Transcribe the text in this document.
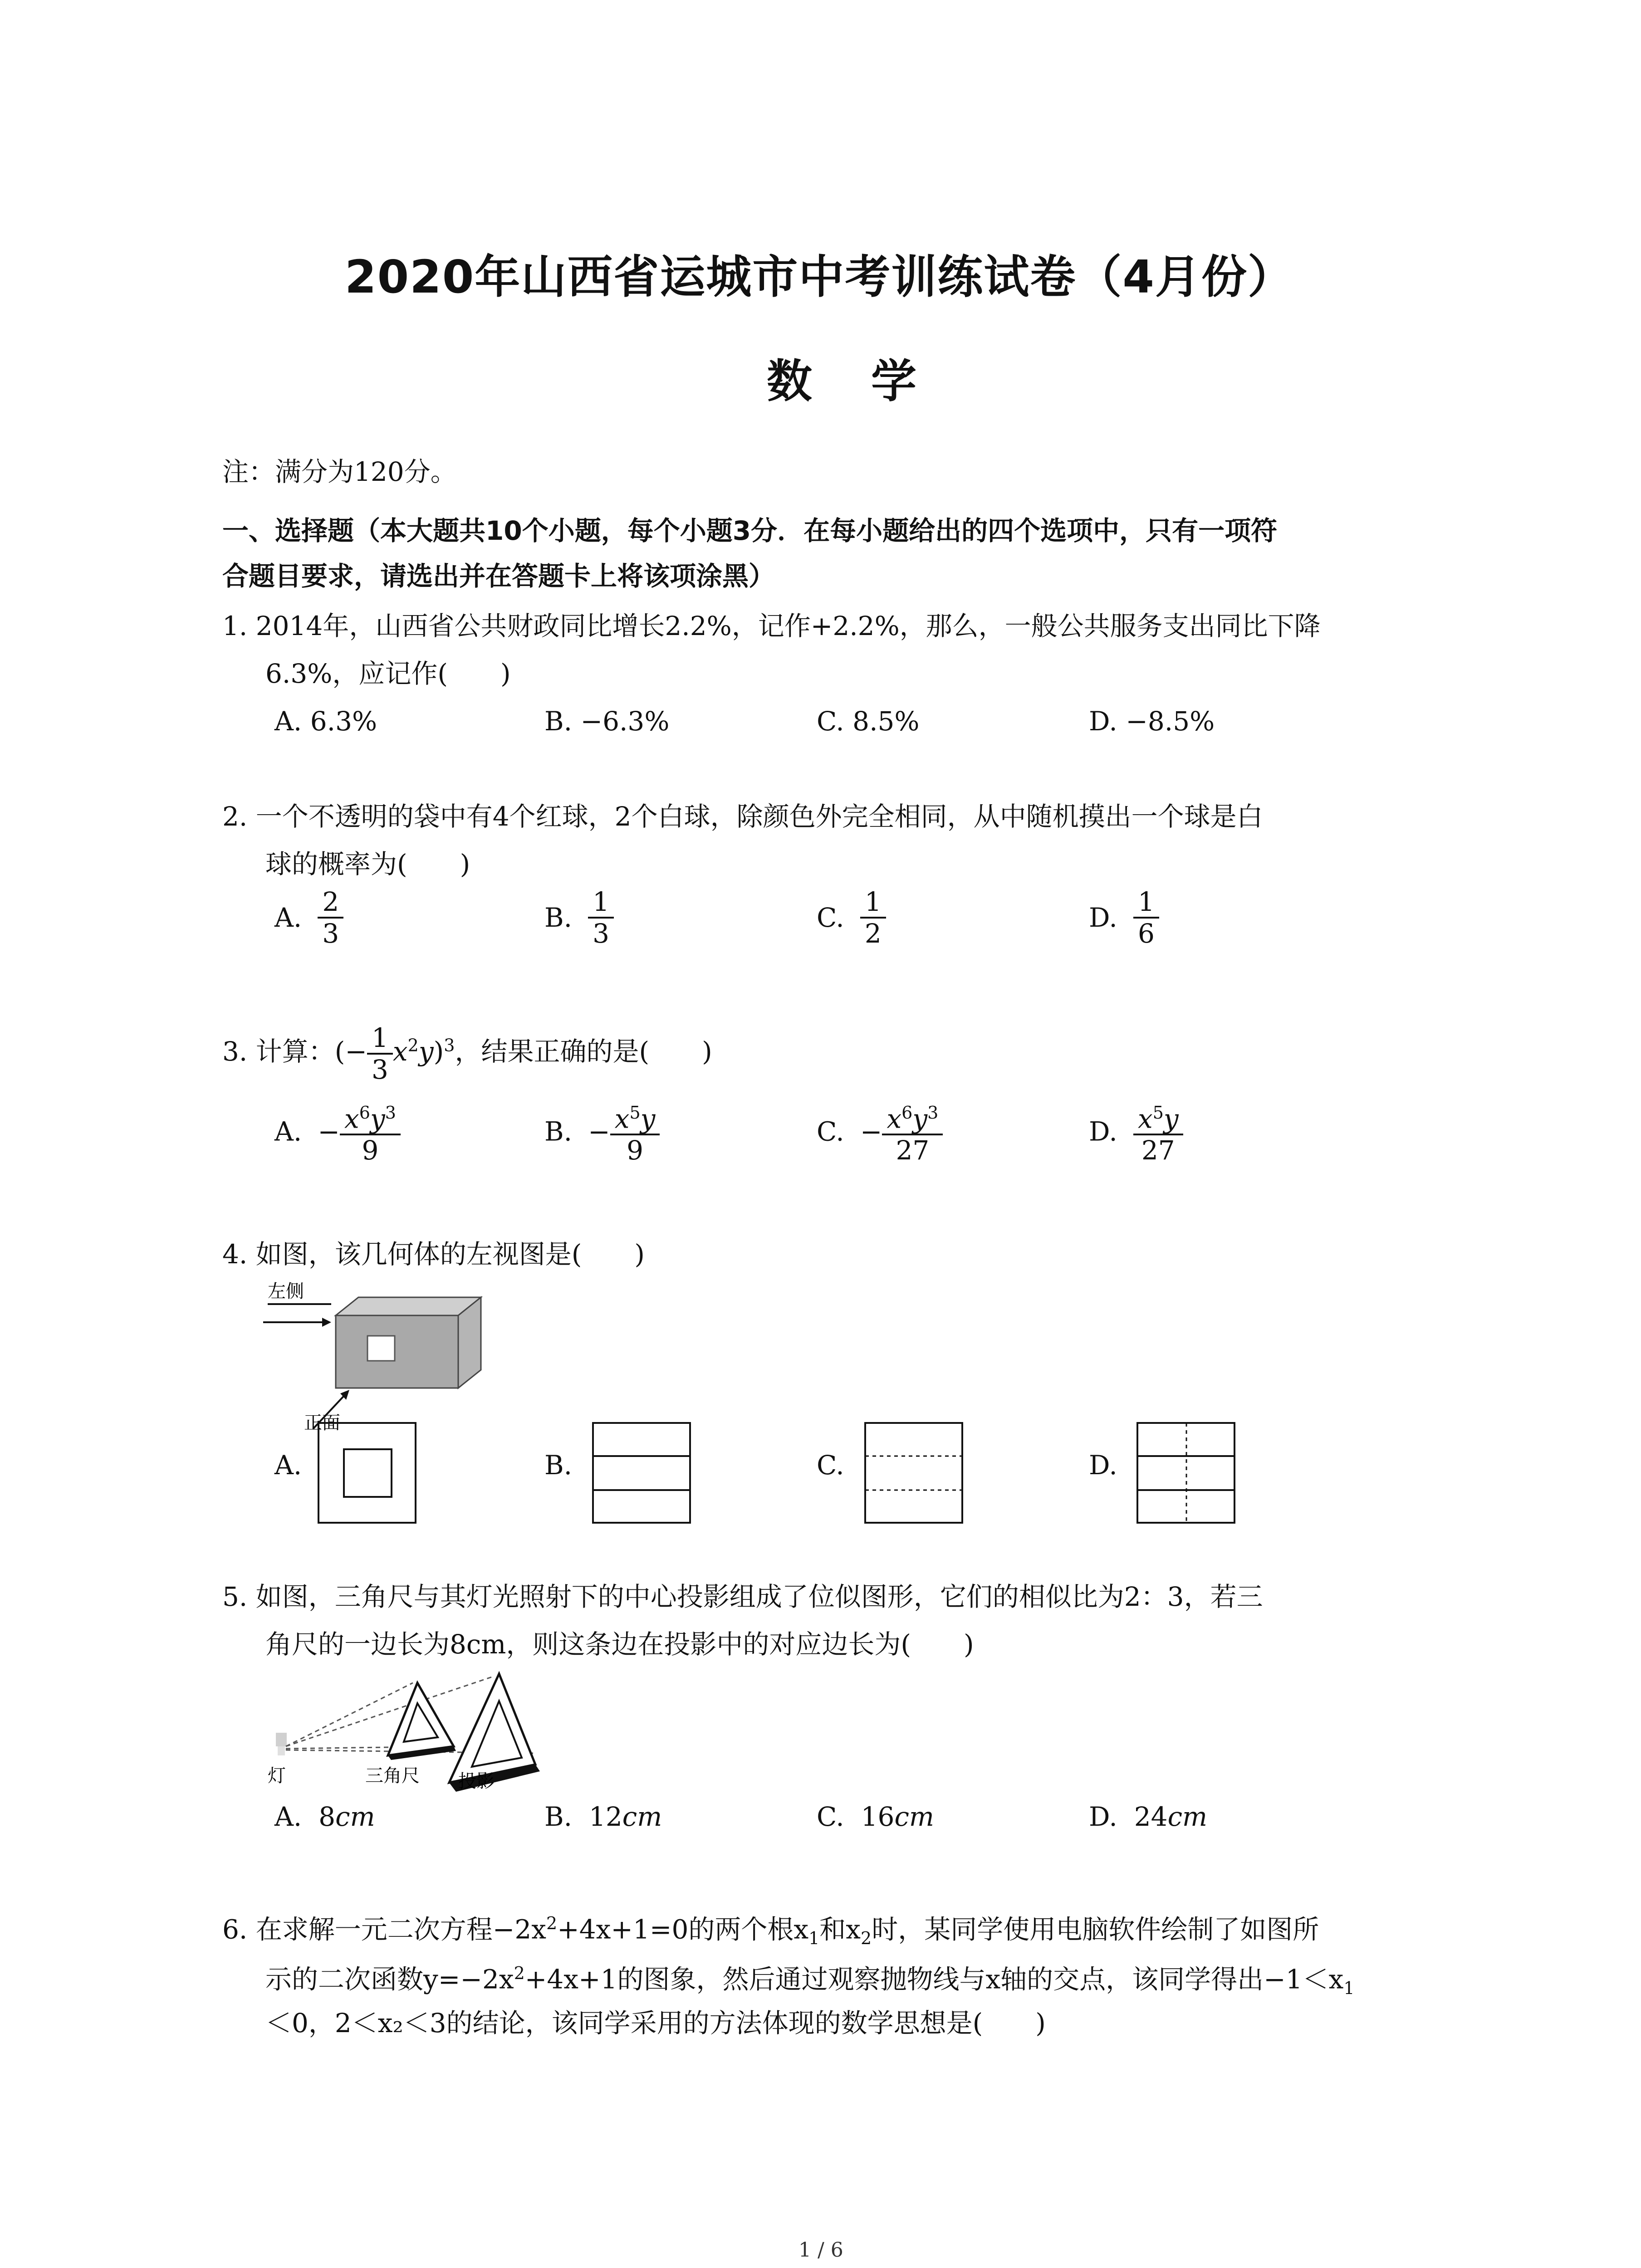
2020年山西省运城市中考训练试卷（4月份）
数学
注：满分为120分。
一、选择题（本大题共10个小题，每个小题3分．在每小题给出的四个选项中，只有一项符
合题目要求，请选出并在答题卡上将该项涂黑）
1. 2014年，山西省公共财政同比增长2.2%，记作+2.2%，那么，一般公共服务支出同比下降
6.3%，应记作(　　)
A. 6.3%	B. −6.3%	C. 8.5%	D. −8.5%
2. 一个不透明的袋中有4个红球，2个白球，除颜色外完全相同，从中随机摸出一个球是白
球的概率为(　　)
A. $\frac{2}{3}$	B. $\frac{1}{3}$	C. $\frac{1}{2}$	D. $\frac{1}{6}$
3. 计算：(− $\frac{1}{3} x^2y)^3$，结果正确的是(　　)
A. − $\frac{x^6y^3}{9}$	B. − $\frac{x^5y}{9}$	C. − $\frac{x^6y^3}{27}$	D. $\frac{x^5y}{27}$
4. 如图，该几何体的左视图是(　　)
左侧
正面
A.	B.	C.	D.
5. 如图，三角尺与其灯光照射下的中心投影组成了位似图形，它们的相似比为2：3，若三
角尺的一边长为8cm，则这条边在投影中的对应边长为(　　)
灯	三角尺 投影
A. 8cm	B. 12cm	C. 16cm	D. 24cm
6. 在求解一元二次方程$-2x^2+4x+1=0$的两个根$x_1$和$x_2$时，某同学使用电脑软件绘制了如图所
示的二次函数$y=-2x^2+4x+1$的图象，然后通过观察抛物线与x轴的交点，该同学得出$-1<x_1$
＜0，2＜x₂＜3的结论，该同学采用的方法体现的数学思想是(　　)
1 / 6
